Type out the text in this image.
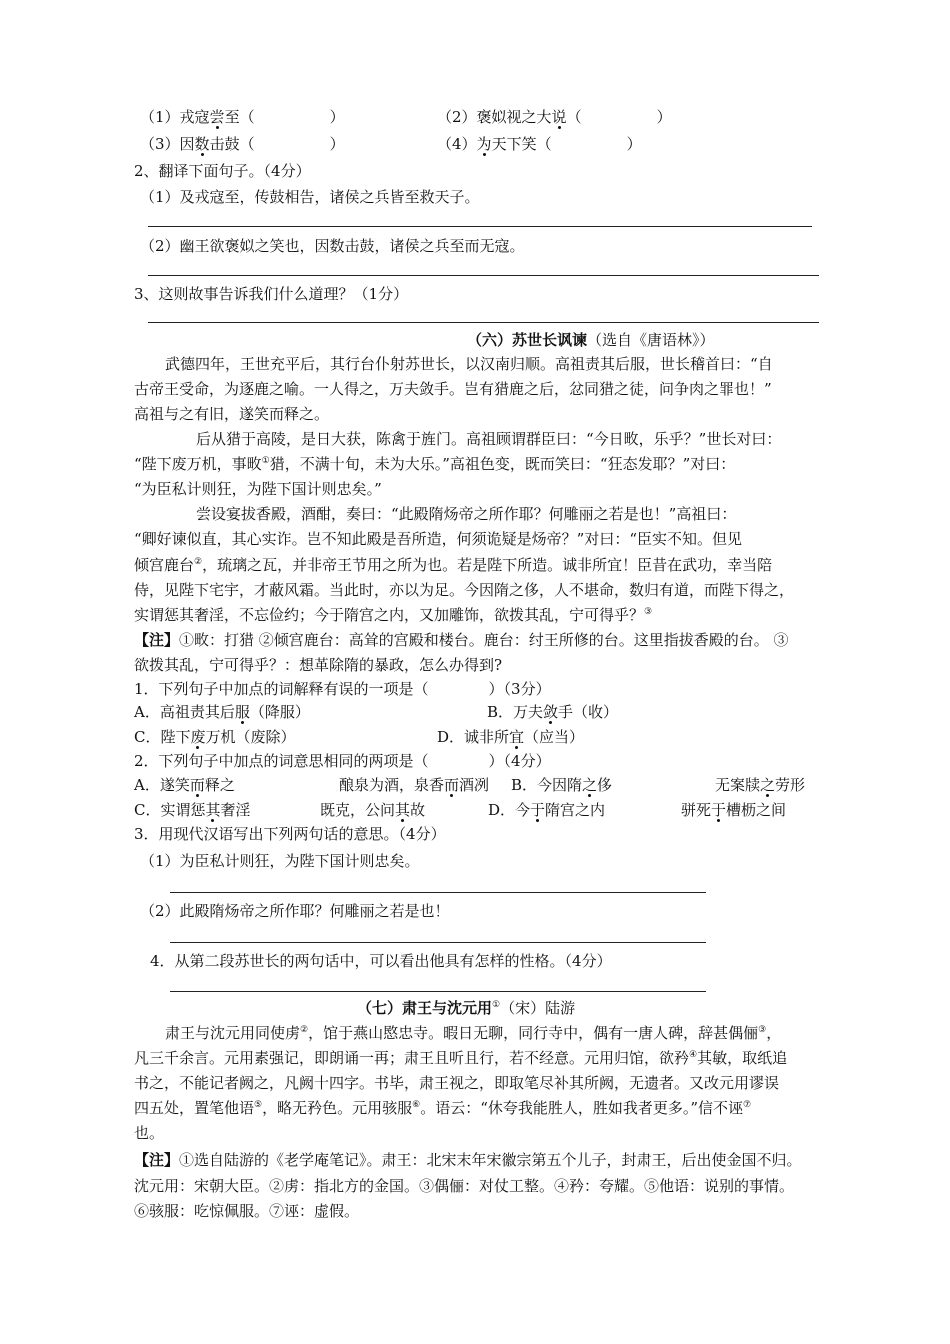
（1）戎寇尝至（　　　　　）	（2）褒姒视之大说（　　　　　）
（3）因数击鼓（　　　　　）	（4）为天下笑（　　　　　）
2、翻译下面句子。（4分）
（1）及戎寇至，传鼓相告，诸侯之兵皆至救天子。
（2）幽王欲褒姒之笑也，因数击鼓，诸侯之兵至而无寇。
3、这则故事告诉我们什么道理？（1分）
（六）苏世长讽谏（选自《唐语林》）
武德四年，王世充平后，其行台仆射苏世长，以汉南归顺。高祖责其后服，世长稽首曰：“自
古帝王受命，为逐鹿之喻。一人得之，万夫敛手。岂有猎鹿之后，忿同猎之徒，问争肉之罪也！”
高祖与之有旧，遂笑而释之。
后从猎于高陵，是日大获，陈禽于旌门。高祖顾谓群臣曰：“今日畋，乐乎？”世长对曰：
“陛下废万机，事畋①猎，不满十旬，未为大乐。”高祖色变，既而笑曰：“狂态发耶？”对曰：
“为臣私计则狂，为陛下国计则忠矣。”
尝设宴拔香殿，酒酣，奏曰：“此殿隋炀帝之所作耶？何雕丽之若是也！”高祖曰：
“卿好谏似直，其心实诈。岂不知此殿是吾所造，何须诡疑是炀帝？”对曰：“臣实不知。但见
倾宫鹿台②，琉璃之瓦，并非帝王节用之所为也。若是陛下所造。诚非所宜！臣昔在武功，幸当陪
侍，见陛下宅宇，才蔽风霜。当此时，亦以为足。今因隋之侈，人不堪命，数归有道，而陛下得之，
实谓惩其奢淫，不忘俭约；今于隋宫之内，又加雕饰，欲拨其乱，宁可得乎？③
【注】①畋：打猎 ②倾宫鹿台：高耸的宫殿和楼台。鹿台：纣王所修的台。这里指拔香殿的台。 ③
欲拨其乱，宁可得乎？：想革除隋的暴政，怎么办得到?
1．下列句子中加点的词解释有误的一项是（　　　　）（3分）
A．高祖责其后服（降服）	B．万夫敛手（收）
C．陛下废万机（废除）	D．诚非所宜（应当）
2．下列句子中加点的词意思相同的两项是（　　　　）（4分）
A．遂笑而释之	酿泉为酒，泉香而酒冽 B．今因隋之侈	无案牍之劳形
C．实谓惩其奢淫	既克，公问其故	D．今于隋宫之内	骈死于槽枥之间
3．用现代汉语写出下列两句话的意思。（4分）
（1）为臣私计则狂，为陛下国计则忠矣。
（2）此殿隋炀帝之所作耶？何雕丽之若是也！
4．从第二段苏世长的两句话中，可以看出他具有怎样的性格。（4分）
（七）肃王与沈元用①（宋）陆游
肃王与沈元用同使虏②，馆于燕山愍忠寺。暇日无聊，同行寺中，偶有一唐人碑，辞甚偶俪③，
凡三千余言。元用素强记，即朗诵一再；肃王且听且行，若不经意。元用归馆，欲矜④其敏，取纸追
书之，不能记者阙之，凡阙十四字。书毕，肃王视之，即取笔尽补其所阙，无遗者。又改元用谬误
四五处，置笔他语⑤，略无矜色。元用骇服⑥。语云：“休夸我能胜人，胜如我者更多。”信不诬⑦
也。
【注】①选自陆游的《老学庵笔记》。肃王：北宋末年宋徽宗第五个儿子，封肃王，后出使金国不归。
沈元用：宋朝大臣。②虏：指北方的金国。③偶俪：对仗工整。④矜：夸耀。⑤他语：说别的事情。
⑥骇服：吃惊佩服。⑦诬：虚假。
